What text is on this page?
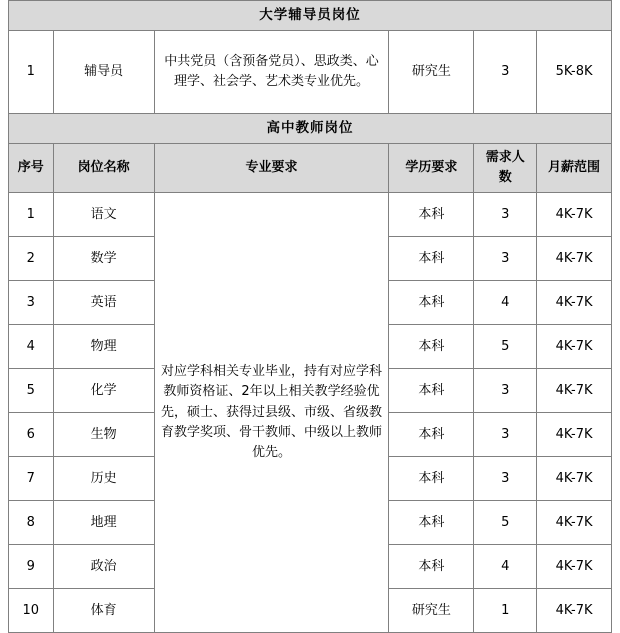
大学辅导员岗位					
1	辅导员	中共党员（含预备党员）、思政类、心理学、社会学、艺术类专业优先。	研究生	3	5K-8K
高中教师岗位					
序号	岗位名称	专业要求	学历要求	需求人数	月薪范围
1	语文	对应学科相关专业毕业，持有对应学科教师资格证、2年以上相关教学经验优先，硕士、获得过县级、市级、省级教育教学奖项、骨干教师、中级以上教师优先。	本科	3	4K-7K
2	数学		本科	3	4K-7K
3	英语		本科	4	4K-7K
4	物理		本科	5	4K-7K
5	化学		本科	3	4K-7K
6	生物		本科	3	4K-7K
7	历史		本科	3	4K-7K
8	地理		本科	5	4K-7K
9	政治		本科	4	4K-7K
10	体育		研究生	1	4K-7K
